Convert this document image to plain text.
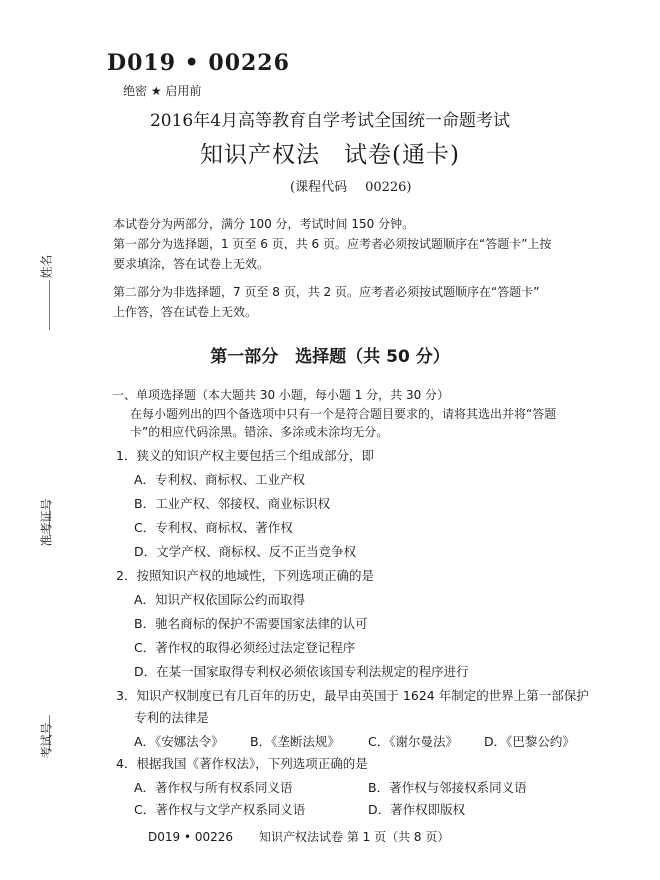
姓名
准考证号
考试号
D019 • 00226
绝密 ★ 启用前
2016年4月高等教育自学考试全国统一命题考试
知识产权法　试卷(通卡)
(课程代码 00226)
本试卷分为两部分，满分 100 分，考试时间 150 分钟。
第一部分为选择题，1 页至 6 页，共 6 页。应考者必须按试题顺序在“答题卡”上按
要求填涂，答在试卷上无效。
第二部分为非选择题，7 页至 8 页，共 2 页。应考者必须按试题顺序在“答题卡”
上作答，答在试卷上无效。
第一部分　选择题（共 50 分）
一、单项选择题（本大题共 30 小题，每小题 1 分，共 30 分）
在每小题列出的四个备选项中只有一个是符合题目要求的，请将其选出并将“答题
卡”的相应代码涂黑。错涂、多涂或未涂均无分。
1．狭义的知识产权主要包括三个组成部分，即
A．专利权、商标权、工业产权
B．工业产权、邻接权、商业标识权
C．专利权、商标权、著作权
D．文学产权、商标权、反不正当竞争权
2．按照知识产权的地域性，下列选项正确的是
A．知识产权依国际公约而取得
B．驰名商标的保护不需要国家法律的认可
C．著作权的取得必须经过法定登记程序
D．在某一国家取得专利权必须依该国专利法规定的程序进行
3．知识产权制度已有几百年的历史，最早由英国于 1624 年制定的世界上第一部保护
专利的法律是
A．《安娜法令》 B．《垄断法规》 C．《谢尔曼法》 D．《巴黎公约》
4．根据我国《著作权法》，下列选项正确的是
A．著作权与所有权系同义语	B．著作权与邻接权系同义语
C．著作权与文学产权系同义语	D．著作权即版权
D019 • 00226 知识产权法试卷 第 1 页（共 8 页）
